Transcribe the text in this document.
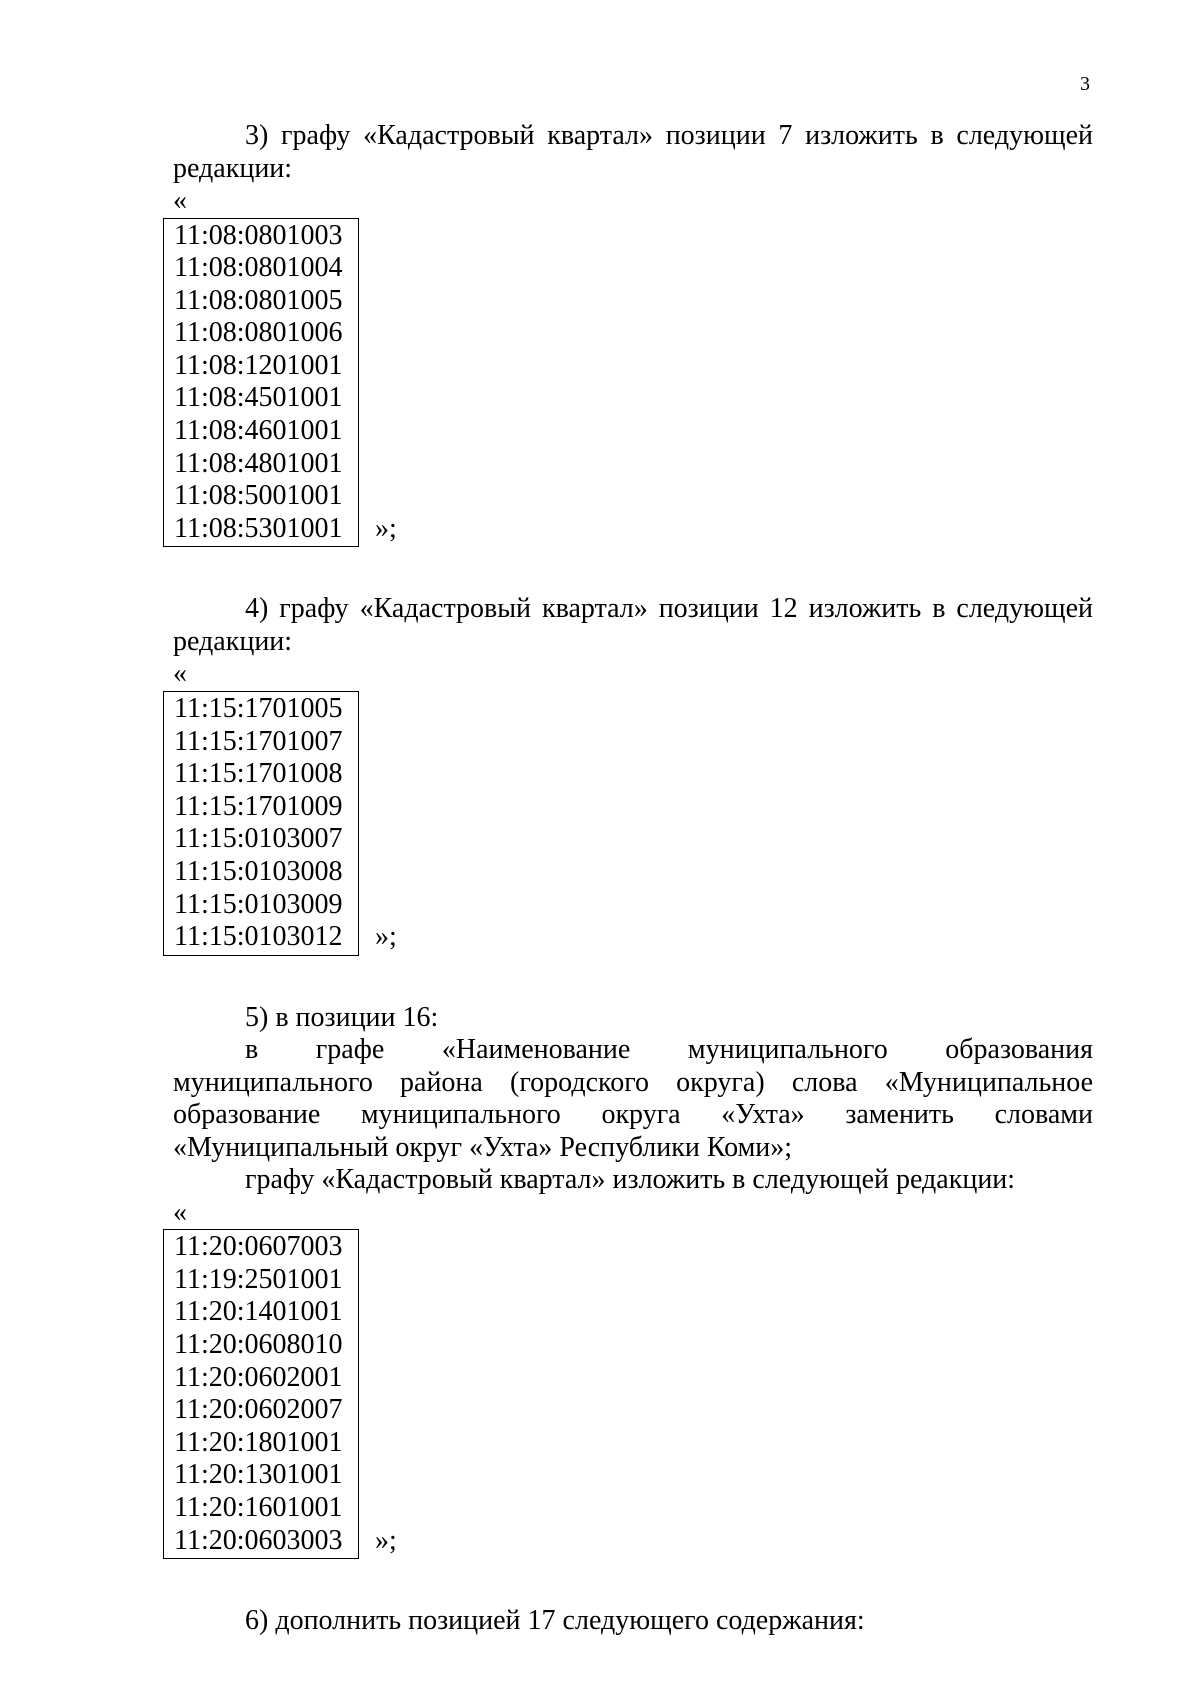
3

3) графу «Кадастровый квартал» позиции 7 изложить в следующей редакции:

«

11:08:0801003
11:08:0801004
11:08:0801005
11:08:0801006
11:08:1201001
11:08:4501001
11:08:4601001
11:08:4801001
11:08:5001001
11:08:5301001 »;

4) графу «Кадастровый квартал» позиции 12 изложить в следующей редакции:

«

11:15:1701005
11:15:1701007
11:15:1701008
11:15:1701009
11:15:0103007
11:15:0103008
11:15:0103009
11:15:0103012 »;

5) в позиции 16:

в графе «Наименование муниципального образования муниципального района (городского округа) слова «Муниципальное образование муниципального округа «Ухта» заменить словами «Муниципальный округ «Ухта» Республики Коми»;

графу «Кадастровый квартал» изложить в следующей редакции:

«

11:20:0607003
11:19:2501001
11:20:1401001
11:20:0608010
11:20:0602001
11:20:0602007
11:20:1801001
11:20:1301001
11:20:1601001
11:20:0603003 »;

6) дополнить позицией 17 следующего содержания:
